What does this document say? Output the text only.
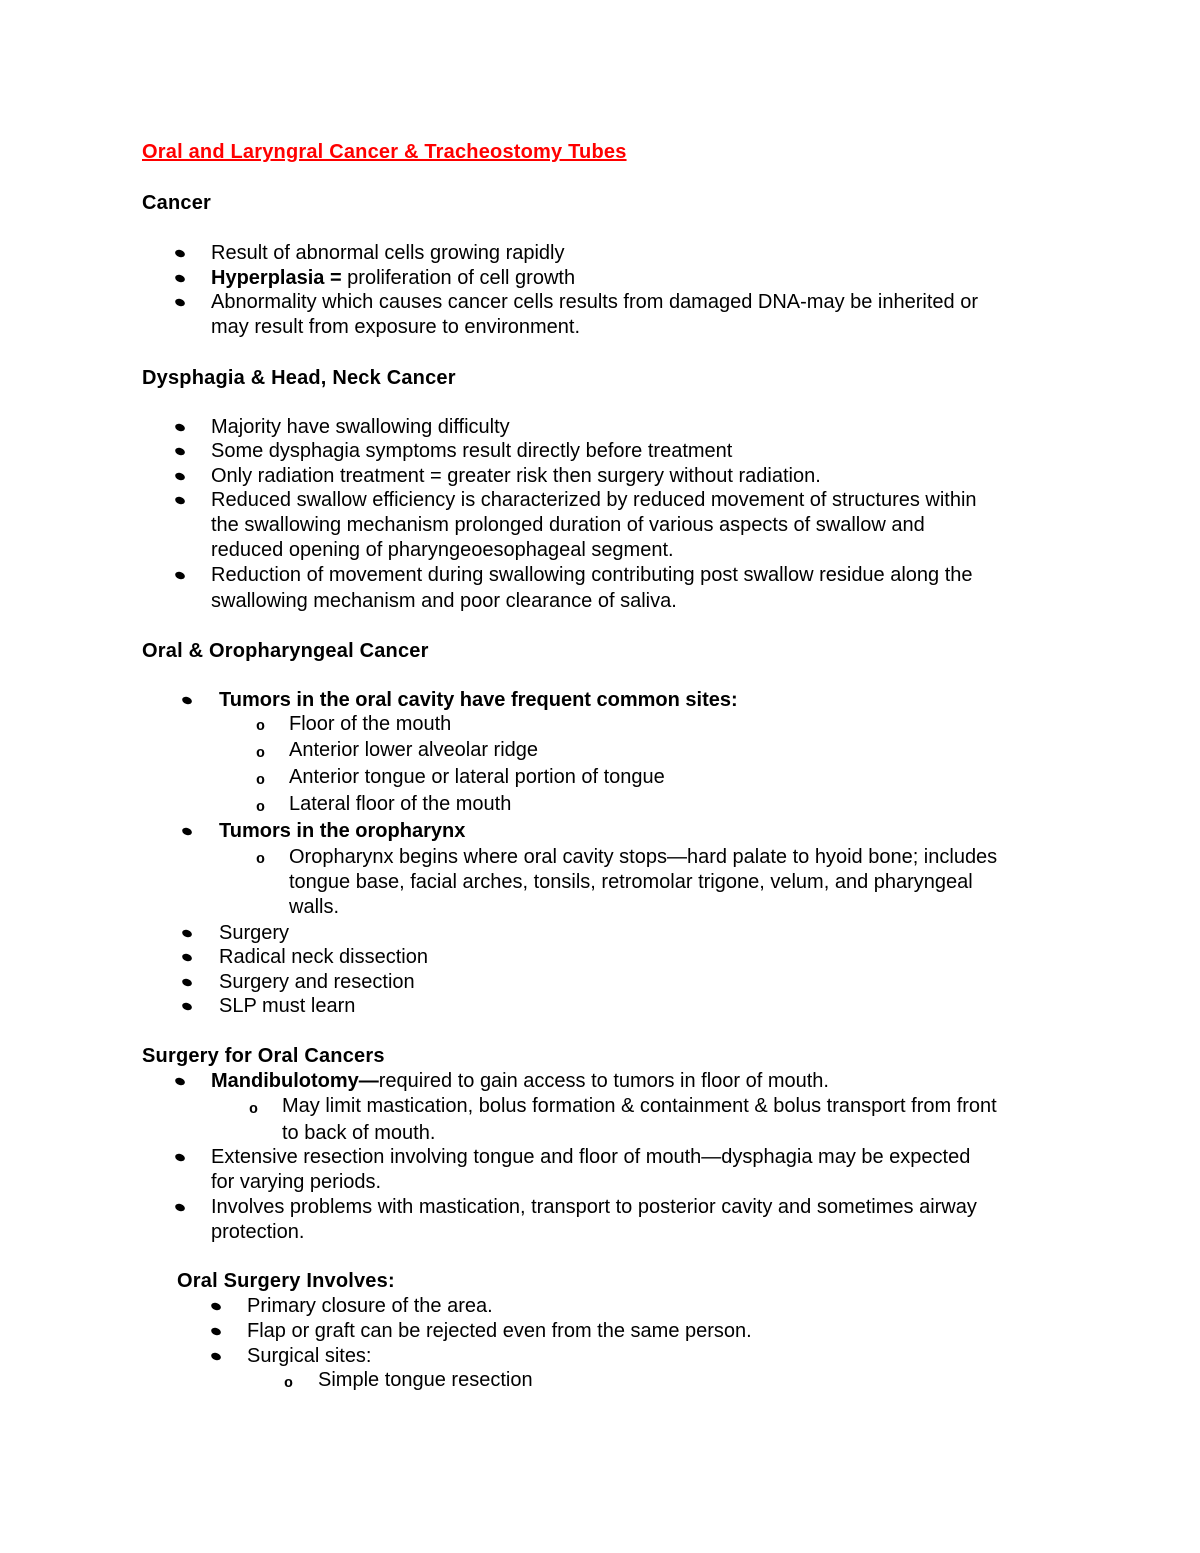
Oral and Laryngral Cancer & Tracheostomy Tubes
Cancer
Result of abnormal cells growing rapidly
Hyperplasia = proliferation of cell growth
Abnormality which causes cancer cells results from damaged DNA-may be inherited or
may result from exposure to environment.
Dysphagia & Head, Neck Cancer
Majority have swallowing difficulty
Some dysphagia symptoms result directly before treatment
Only radiation treatment = greater risk then surgery without radiation.
Reduced swallow efficiency is characterized by reduced movement of structures within
the swallowing mechanism prolonged duration of various aspects of swallow and
reduced opening of pharyngeoesophageal segment.
Reduction of movement during swallowing contributing post swallow residue along the
swallowing mechanism and poor clearance of saliva.
Oral & Oropharyngeal Cancer
Tumors in the oral cavity have frequent common sites:
o Floor of the mouth
o Anterior lower alveolar ridge
o Anterior tongue or lateral portion of tongue
o Lateral floor of the mouth
Tumors in the oropharynx
o Oropharynx begins where oral cavity stops—hard palate to hyoid bone; includes
tongue base, facial arches, tonsils, retromolar trigone, velum, and pharyngeal
walls.
Surgery
Radical neck dissection
Surgery and resection
SLP must learn
Surgery for Oral Cancers
Mandibulotomy—required to gain access to tumors in floor of mouth.
o May limit mastication, bolus formation & containment & bolus transport from front
to back of mouth.
Extensive resection involving tongue and floor of mouth—dysphagia may be expected
for varying periods.
Involves problems with mastication, transport to posterior cavity and sometimes airway
protection.
Oral Surgery Involves:
Primary closure of the area.
Flap or graft can be rejected even from the same person.
Surgical sites:
o Simple tongue resection
